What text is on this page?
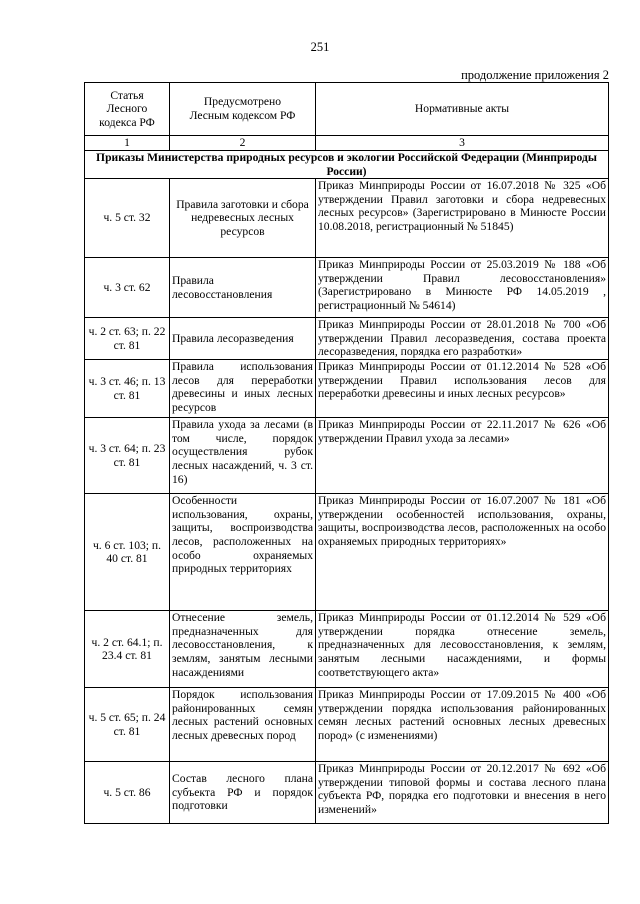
251
продолжение приложения 2
Статья Лесного кодекса РФ	Предусмотрено Лесным кодексом РФ	Нормативные акты
1	2	3
Приказы Министерства природных ресурсов и экологии Российской Федерации (Минприроды России)		
ч. 5 ст. 32	Правила заготовки и сбора недревесных лесных ресурсов	Приказ Минприроды России от 16.07.2018 № 325 «Об утверждении Правил заготовки и сбора недревесных лесных ресурсов» (Зарегистрировано в Минюсте России 10.08.2018, регистрационный № 51845)
ч. 3 ст. 62	Правила лесовосстановления	Приказ Минприроды России от 25.03.2019 № 188 «Об утверждении Правил лесовосстановления» (Зарегистрировано в Минюсте РФ 14.05.2019 , регистрационный № 54614)
ч. 2 ст. 63; п. 22 ст. 81	Правила лесоразведения	Приказ Минприроды России от 28.01.2018 № 700 «Об утверждении Правил лесоразведения, состава проекта лесоразведения, порядка его разработки»
ч. 3 ст. 46; п. 13 ст. 81	Правила использования лесов для переработки древесины и иных лесных ресурсов	Приказ Минприроды России от 01.12.2014 № 528 «Об утверждении Правил использования лесов для переработки древесины и иных лесных ресурсов»
ч. 3 ст. 64; п. 23 ст. 81	Правила ухода за лесами (в том числе, порядок осуществления рубок лесных насаждений, ч. 3 ст. 16)	Приказ Минприроды России от 22.11.2017 № 626 «Об утверждении Правил ухода за лесами»
ч. 6 ст. 103; п. 40 ст. 81	Особенности использования, охраны, защиты, воспроизводства лесов, расположенных на особо охраняемых природных территориях	Приказ Минприроды России от 16.07.2007 № 181 «Об утверждении особенностей использования, охраны, защиты, воспроизводства лесов, расположенных на особо охраняемых природных территориях»
ч. 2 ст. 64.1; п. 23.4 ст. 81	Отнесение земель, предназначенных для лесовосстановления, к землям, занятым лесными насаждениями	Приказ Минприроды России от 01.12.2014 № 529 «Об утверждении порядка отнесение земель, предназначенных для лесовосстановления, к землям, занятым лесными насаждениями, и формы соответствующего акта»
ч. 5 ст. 65; п. 24 ст. 81	Порядок использования районированных семян лесных растений основных лесных древесных пород	Приказ Минприроды России от 17.09.2015 № 400 «Об утверждении порядка использования районированных семян лесных растений основных лесных древесных пород» (с изменениями)
ч. 5 ст. 86	Состав лесного плана субъекта РФ и порядок подготовки	Приказ Минприроды России от 20.12.2017 № 692 «Об утверждении типовой формы и состава лесного плана субъекта РФ, порядка его подготовки и внесения в него изменений»
